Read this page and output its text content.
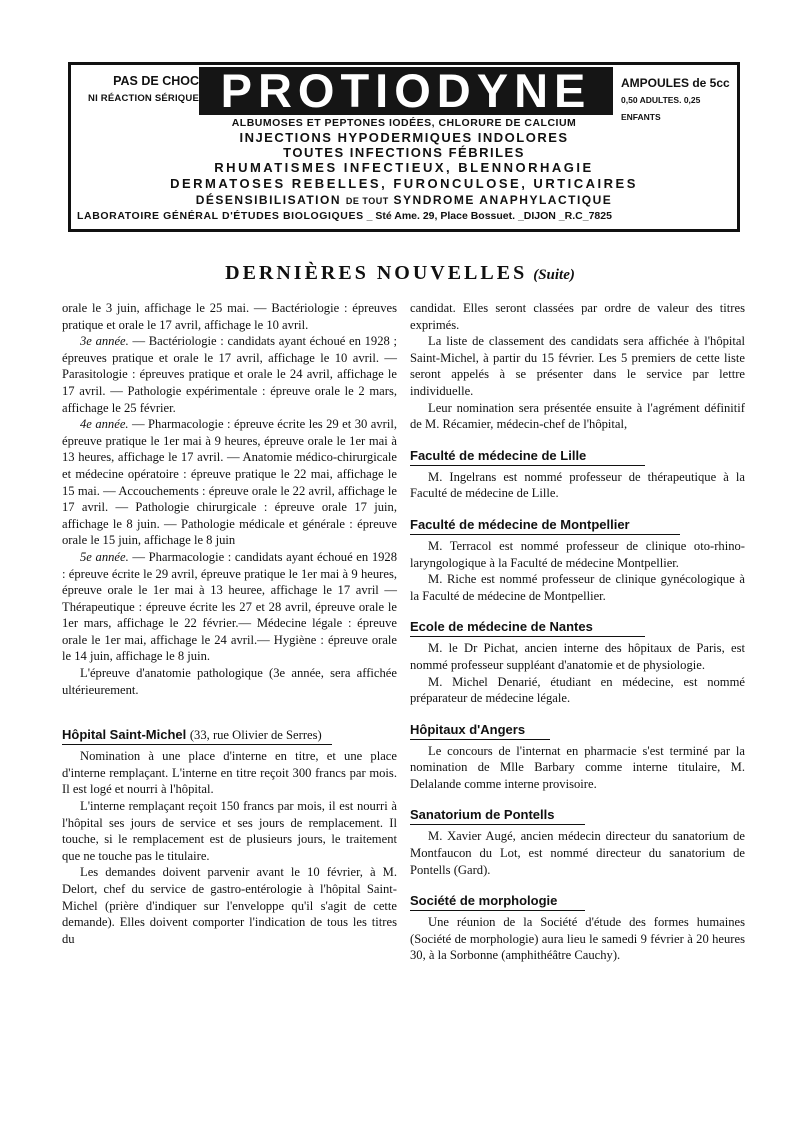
PAS DE CHOC
NI RÉACTION SÉRIQUE PROTIODYNE	AMPOULES de 5cc
0,50 ADULTES. 0,25 ENFANTS
ALBUMOSES ET PEPTONES IODÉES, CHLORURE DE CALCIUM
INJECTIONS HYPODERMIQUES INDOLORES
TOUTES INFECTIONS FÉBRILES
RHUMATISMES INFECTIEUX, BLENNORHAGIE
DERMATOSES REBELLES, FURONCULOSE, URTICAIRES
DÉSENSIBILISATION DE TOUT SYNDROME ANAPHYLACTIQUE
LABORATOIRE GÉNÉRAL D'ÉTUDES BIOLOGIQUES _ Sté Ame. 29, Place Bossuet. _DIJON _R.C_7825
DERNIÈRES NOUVELLES (Suite)

orale le 3 juin, affichage le 25 mai. — Bactériologie : épreuves pratique et orale le 17 avril, affichage le 10 avril.

3e année. — Bactériologie : candidats ayant échoué en 1928 ; épreuves pratique et orale le 17 avril, affichage le 10 avril. — Parasitologie : épreuves pratique et orale le 24 avril, affichage le 17 avril. — Pathologie expérimentale : épreuve orale le 2 mars, affichage le 25 février.

4e année. — Pharmacologie : épreuve écrite les 29 et 30 avril, épreuve pratique le 1er mai à 9 heures, épreuve orale le 1er mai à 13 heures, affichage le 17 avril. — Anatomie médico-chirurgicale et médecine opératoire : épreuve pratique le 22 mai, affichage le 15 mai. — Accouchements : épreuve orale le 22 avril, affichage le 17 avril. — Pathologie chirurgicale : épreuve orale 17 juin, affichage le 8 juin. — Pathologie médicale et générale : épreuve orale le 15 juin, affichage le 8 juin

5e année. — Pharmacologie : candidats ayant échoué en 1928 : épreuve écrite le 29 avril, épreuve pratique le 1er mai à 9 heures, épreuve orale le 1er mai à 13 heuree, affichage le 17 avril — Thérapeutique : épreuve écrite les 27 et 28 avril, épreuve orale le 1er mars, affichage le 22 février.— Médecine légale : épreuve orale le 1er mai, affichage le 24 avril.— Hygiène : épreuve orale le 14 juin, affichage le 8 juin.

L'épreuve d'anatomie pathologique (3e année, sera affichée ultérieurement.

Hôpital Saint-Michel (33, rue Olivier de Serres)

Nomination à une place d'interne en titre, et une place d'interne remplaçant. L'interne en titre reçoit 300 francs par mois. Il est logé et nourri à l'hôpital.

L'interne remplaçant reçoit 150 francs par mois, il est nourri à l'hôpital ses jours de service et ses jours de remplacement. Il touche, si le remplacement est de plusieurs jours, le traitement que ne touche pas le titulaire.

Les demandes doivent parvenir avant le 10 février, à M. Delort, chef du service de gastro-entérologie à l'hôpital Saint-Michel (prière d'indiquer sur l'enveloppe qu'il s'agit de cette demande). Elles doivent comporter l'indication de tous les titres du

candidat. Elles seront classées par ordre de valeur des titres exprimés.

La liste de classement des candidats sera affichée à l'hôpital Saint-Michel, à partir du 15 février. Les 5 premiers de cette liste seront appelés à se présenter dans le service par lettre individuelle.

Leur nomination sera présentée ensuite à l'agrément définitif de M. Récamier, médecin-chef de l'hôpital,

Faculté de médecine de Lille

M. Ingelrans est nommé professeur de thérapeutique à la Faculté de médecine de Lille.

Faculté de médecine de Montpellier

M. Terracol est nommé professeur de clinique oto-rhino-laryngologique à la Faculté de médecine Montpellier.

M. Riche est nommé professeur de clinique gynécologique à la Faculté de médecine de Montpellier.

Ecole de médecine de Nantes

M. le Dr Pichat, ancien interne des hôpitaux de Paris, est nommé professeur suppléant d'anatomie et de physiologie.

M. Michel Denarié, étudiant en médecine, est nommé préparateur de médecine légale.

Hôpitaux d'Angers

Le concours de l'internat en pharmacie s'est terminé par la nomination de Mlle Barbary comme interne titulaire, M. Delalande comme interne provisoire.

Sanatorium de Pontells

M. Xavier Augé, ancien médecin directeur du sanatorium de Montfaucon du Lot, est nommé directeur du sanatorium de Pontells (Gard).

Société de morphologie

Une réunion de la Société d'étude des formes humaines (Société de morphologie) aura lieu le samedi 9 février à 20 heures 30, à la Sorbonne (amphithéâtre Cauchy).
